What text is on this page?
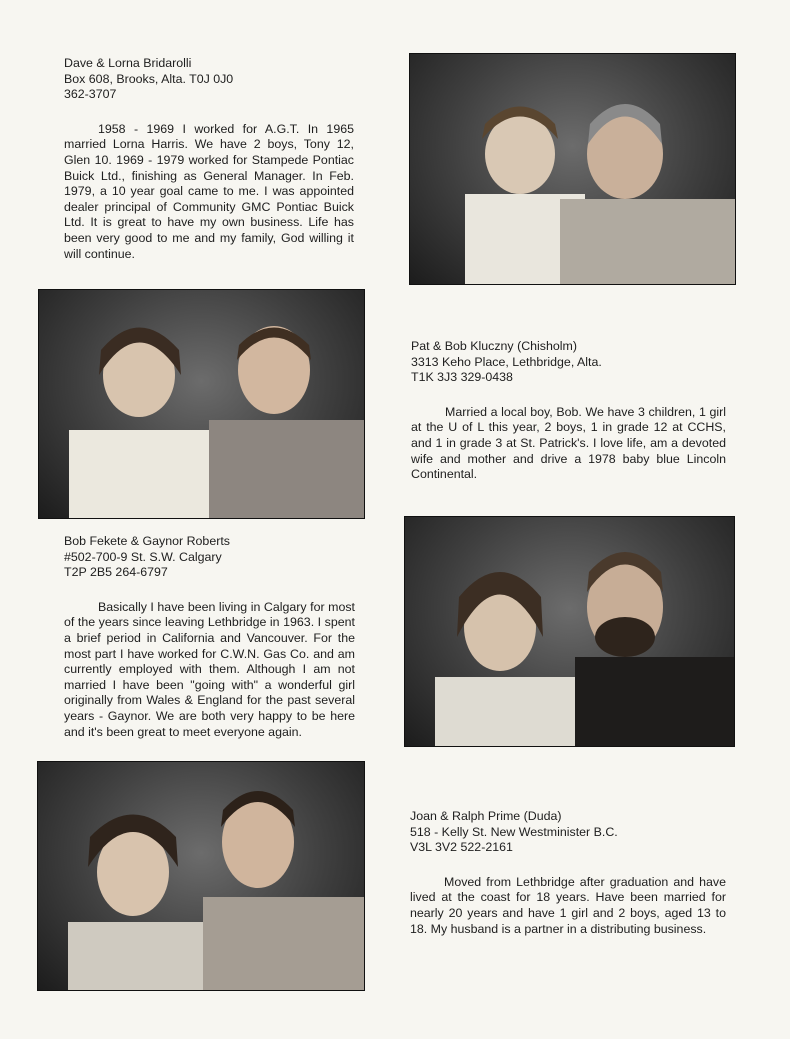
Dave & Lorna Bridarolli
Box 608, Brooks, Alta. T0J 0J0
362-3707
1958 - 1969 I worked for A.G.T. In 1965 married Lorna Harris. We have 2 boys, Tony 12, Glen 10. 1969 - 1979 worked for Stampede Pontiac Buick Ltd., finishing as General Manager. In Feb. 1979, a 10 year goal came to me. I was appointed dealer principal of Community GMC Pontiac Buick Ltd. It is great to have my own business. Life has been very good to me and my family, God willing it will continue.
Pat & Bob Kluczny (Chisholm)
3313 Keho Place, Lethbridge, Alta.
T1K 3J3 329-0438
Married a local boy, Bob. We have 3 children, 1 girl at the U of L this year, 2 boys, 1 in grade 12 at CCHS, and 1 in grade 3 at St. Patrick's. I love life, am a devoted wife and mother and drive a 1978 baby blue Lincoln Continental.
Bob Fekete & Gaynor Roberts
#502-700-9 St. S.W. Calgary
T2P 2B5 264-6797
Basically I have been living in Calgary for most of the years since leaving Lethbridge in 1963. I spent a brief period in California and Vancouver. For the most part I have worked for C.W.N. Gas Co. and am currently employed with them. Although I am not married I have been "going with" a wonderful girl originally from Wales & England for the past several years - Gaynor. We are both very happy to be here and it's been great to meet everyone again.
Joan & Ralph Prime (Duda)
518 - Kelly St. New Westminister B.C.
V3L 3V2 522-2161
Moved from Lethbridge after graduation and have lived at the coast for 18 years. Have been married for nearly 20 years and have 1 girl and 2 boys, aged 13 to 18. My husband is a partner in a distributing business.
